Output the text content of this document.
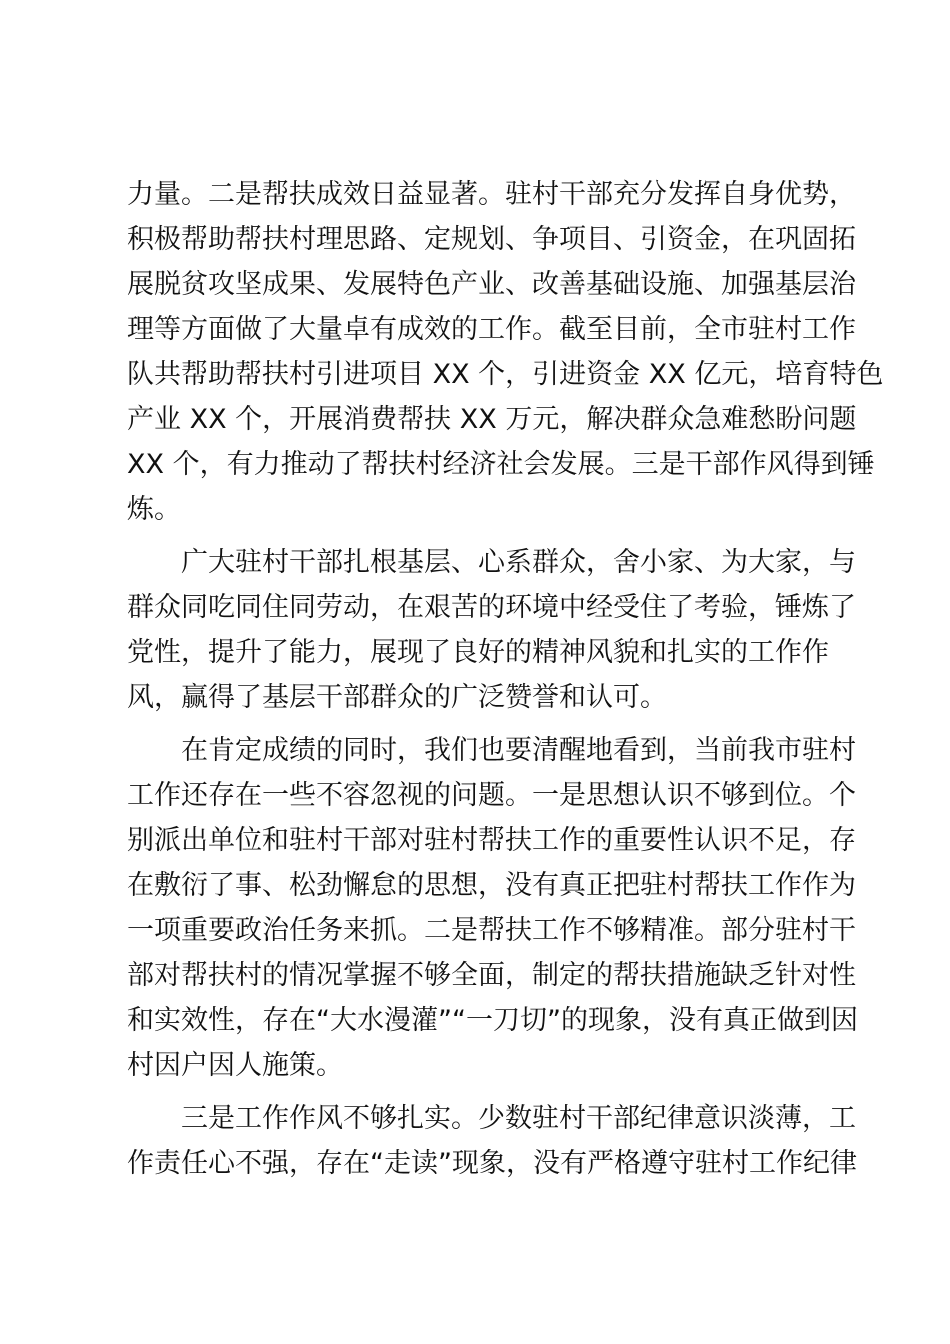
力量。二是帮扶成效日益显著。驻村干部充分发挥自身优势，
积极帮助帮扶村理思路、定规划、争项目、引资金，在巩固拓
展脱贫攻坚成果、发展特色产业、改善基础设施、加强基层治
理等方面做了大量卓有成效的工作。截至目前，全市驻村工作
队共帮助帮扶村引进项目 XX 个，引进资金 XX 亿元，培育特色
产业 XX 个，开展消费帮扶 XX 万元，解决群众急难愁盼问题
XX 个，有力推动了帮扶村经济社会发展。三是干部作风得到锤
炼。
　　广大驻村干部扎根基层、心系群众，舍小家、为大家，与
群众同吃同住同劳动，在艰苦的环境中经受住了考验，锤炼了
党性，提升了能力，展现了良好的精神风貌和扎实的工作作
风，赢得了基层干部群众的广泛赞誉和认可。
　　在肯定成绩的同时，我们也要清醒地看到，当前我市驻村
工作还存在一些不容忽视的问题。一是思想认识不够到位。个
别派出单位和驻村干部对驻村帮扶工作的重要性认识不足，存
在敷衍了事、松劲懈怠的思想，没有真正把驻村帮扶工作作为
一项重要政治任务来抓。二是帮扶工作不够精准。部分驻村干
部对帮扶村的情况掌握不够全面，制定的帮扶措施缺乏针对性
和实效性，存在“大水漫灌”“一刀切”的现象，没有真正做到因
村因户因人施策。
　　三是工作作风不够扎实。少数驻村干部纪律意识淡薄，工
作责任心不强，存在“走读”现象，没有严格遵守驻村工作纪律
